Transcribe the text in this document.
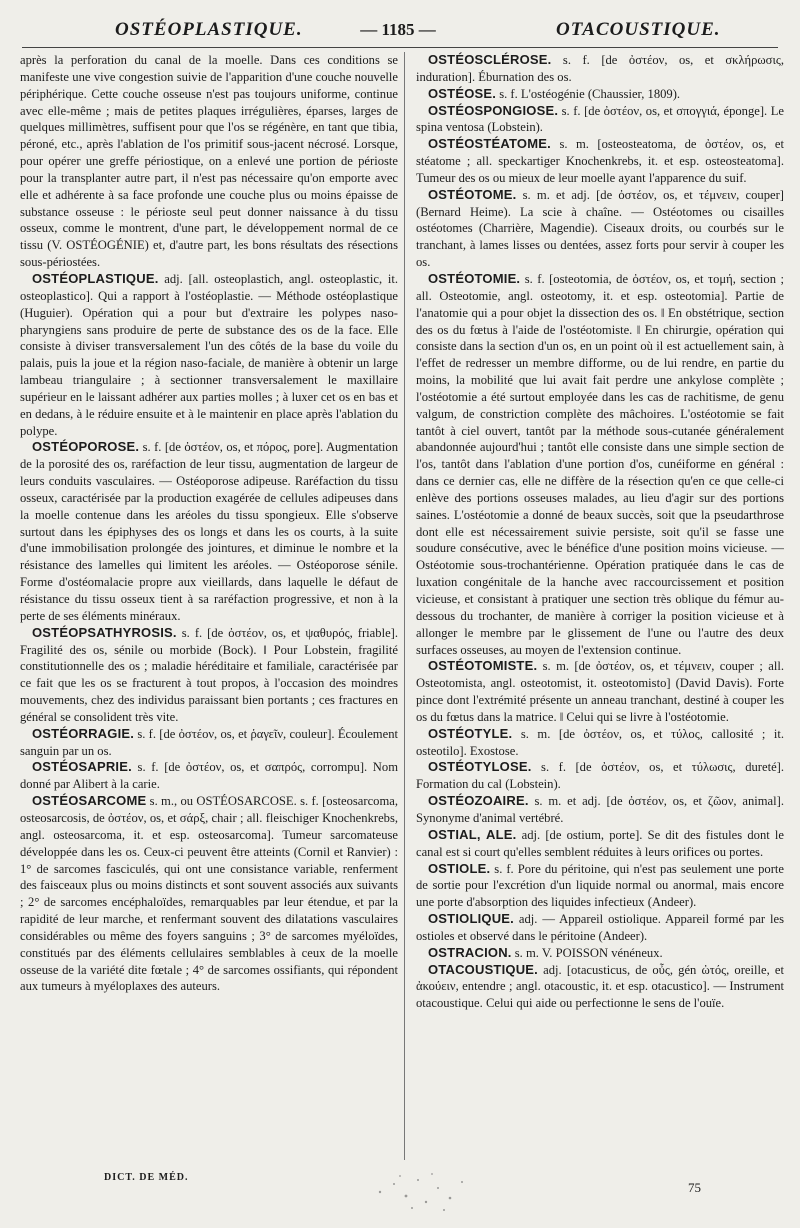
OSTÉOPLASTIQUE.	— 1185 —	OTACOUSTIQUE.

après la perforation du canal de la moelle. Dans ces conditions se manifeste une vive congestion suivie de l'apparition d'une couche nouvelle périphérique. Cette couche osseuse n'est pas toujours uniforme, continue avec elle-même ; mais de petites plaques irrégulières, éparses, larges de quelques millimètres, suffisent pour que l'os se régénère, en tant que tibia, péroné, etc., après l'ablation de l'os primitif sous-jacent nécrosé. Lorsque, pour opérer une greffe périostique, on a enlevé une portion de périoste pour la transplanter autre part, il n'est pas nécessaire qu'on emporte avec elle et adhérente à sa face profonde une couche plus ou moins épaisse de substance osseuse : le périoste seul peut donner naissance à du tissu osseux, comme le montrent, d'une part, le développement normal de ce tissu (V. OSTÉOGÉNIE) et, d'autre part, les bons résultats des résections sous-périostées.

OSTÉOPLASTIQUE. adj. [all. osteoplastich, angl. osteoplastic, it. osteoplastico]. Qui a rapport à l'ostéoplastie. — Méthode ostéoplastique (Huguier). Opération qui a pour but d'extraire les polypes naso-pharyngiens sans produire de perte de substance des os de la face. Elle consiste à diviser transversalement l'un des côtés de la base du voile du palais, puis la joue et la région naso-faciale, de manière à obtenir un large lambeau triangulaire ; à sectionner transversalement le maxillaire supérieur en le laissant adhérer aux parties molles ; à luxer cet os en bas et en dedans, à le réduire ensuite et à le maintenir en place après l'ablation du polype.

OSTÉOPOROSE. s. f. [de ὀστέον, os, et πόρος, pore]. Augmentation de la porosité des os, raréfaction de leur tissu, augmentation de largeur de leurs conduits vasculaires. — Ostéoporose adipeuse. Raréfaction du tissu osseux, caractérisée par la production exagérée de cellules adipeuses dans la moelle contenue dans les aréoles du tissu spongieux. Elle s'observe surtout dans les épiphyses des os longs et dans les os courts, à la suite d'une immobilisation prolongée des jointures, et diminue le nombre et la résistance des lamelles qui limitent les aréoles. — Ostéoporose sénile. Forme d'ostéomalacie propre aux vieillards, dans laquelle le défaut de résistance du tissu osseux tient à sa raréfaction progressive, et non à la perte de ses éléments minéraux.

OSTÉOPSATHYROSIS. s. f. [de ὀστέον, os, et ψαθυρός, friable]. Fragilité des os, sénile ou morbide (Bock). ‖ Pour Lobstein, fragilité constitutionnelle des os ; maladie héréditaire et familiale, caractérisée par ce fait que les os se fracturent à tout propos, à l'occasion des moindres mouvements, chez des individus paraissant bien portants ; ces fractures en général se consolident très vite.

OSTÉORRAGIE. s. f. [de ὀστέον, os, et ῥαγεῖν, couleur]. Écoulement sanguin par un os.

OSTÉOSAPRIE. s. f. [de ὀστέον, os, et σαπρός, corrompu]. Nom donné par Alibert à la carie.

OSTÉOSARCOME s. m., ou OSTÉOSARCOSE. s. f. [osteosarcoma, osteosarcosis, de ὀστέον, os, et σάρξ, chair ; all. fleischiger Knochenkrebs, angl. osteosarcoma, it. et esp. osteosarcoma]. Tumeur sarcomateuse développée dans les os. Ceux-ci peuvent être atteints (Cornil et Ranvier) : 1° de sarcomes fasciculés, qui ont une consistance variable, renferment des faisceaux plus ou moins distincts et sont souvent associés aux suivants ; 2° de sarcomes encéphaloïdes, remarquables par leur étendue, et par la rapidité de leur marche, et renfermant souvent des dilatations vasculaires considérables ou même des foyers sanguins ; 3° de sarcomes myéloïdes, constitués par des éléments cellulaires semblables à ceux de la moelle osseuse de la variété dite fœtale ; 4° de sarcomes ossifiants, qui répondent aux tumeurs à myéloplaxes des auteurs.

OSTÉOSCLÉROSE. s. f. [de ὀστέον, os, et σκλήρωσις, induration]. Éburnation des os.

OSTÉOSE. s. f. L'ostéogénie (Chaussier, 1809).

OSTÉOSPONGIOSE. s. f. [de ὀστέον, os, et σπογγιά, éponge]. Le spina ventosa (Lobstein).

OSTÉOSTÉATOME. s. m. [osteosteatoma, de ὀστέον, os, et stéatome ; all. speckartiger Knochenkrebs, it. et esp. osteosteatoma]. Tumeur des os ou mieux de leur moelle ayant l'apparence du suif.

OSTÉOTOME. s. m. et adj. [de ὀστέον, os, et τέμνειν, couper] (Bernard Heime). La scie à chaîne. — Ostéotomes ou cisailles ostéotomes (Charrière, Magendie). Ciseaux droits, ou courbés sur le tranchant, à lames lisses ou dentées, assez forts pour servir à couper les os.

OSTÉOTOMIE. s. f. [osteotomia, de ὀστέον, os, et τομή, section ; all. Osteotomie, angl. osteotomy, it. et esp. osteotomia]. Partie de l'anatomie qui a pour objet la dissection des os. ‖ En obstétrique, section des os du fœtus à l'aide de l'ostéotomiste. ‖ En chirurgie, opération qui consiste dans la section d'un os, en un point où il est actuellement sain, à l'effet de redresser un membre difforme, ou de lui rendre, en partie du moins, la mobilité que lui avait fait perdre une ankylose complète ; l'ostéotomie a été surtout employée dans les cas de rachitisme, de genu valgum, de constriction complète des mâchoires. L'ostéotomie se fait tantôt à ciel ouvert, tantôt par la méthode sous-cutanée généralement abandonnée aujourd'hui ; tantôt elle consiste dans une simple section de l'os, tantôt dans l'ablation d'une portion d'os, cunéiforme en général : dans ce dernier cas, elle ne diffère de la résection qu'en ce que celle-ci enlève des portions osseuses malades, au lieu d'agir sur des portions saines. L'ostéotomie a donné de beaux succès, soit que la pseudarthrose dont elle est nécessairement suivie persiste, soit qu'il se fasse une soudure consécutive, avec le bénéfice d'une position moins vicieuse. — Ostéotomie sous-trochantérienne. Opération pratiquée dans le cas de luxation congénitale de la hanche avec raccourcissement et position vicieuse, et consistant à pratiquer une section très oblique du fémur au-dessous du trochanter, de manière à corriger la position vicieuse et à allonger le membre par le glissement de l'une ou l'autre des deux surfaces osseuses, au moyen de l'extension continue.

OSTÉOTOMISTE. s. m. [de ὀστέον, os, et τέμνειν, couper ; all. Osteotomista, angl. osteotomist, it. osteotomisto] (David Davis). Forte pince dont l'extrémité présente un anneau tranchant, destiné à couper les os du fœtus dans la matrice. ‖ Celui qui se livre à l'ostéotomie.

OSTÉOTYLE. s. m. [de ὀστέον, os, et τύλος, callosité ; it. osteotilo]. Exostose.

OSTÉOTYLOSE. s. f. [de ὀστέον, os, et τύλωσις, dureté]. Formation du cal (Lobstein).

OSTÉOZOAIRE. s. m. et adj. [de ὀστέον, os, et ζῶον, animal]. Synonyme d'animal vertébré.

OSTIAL, ALE. adj. [de ostium, porte]. Se dit des fistules dont le canal est si court qu'elles semblent réduites à leurs orifices ou portes.

OSTIOLE. s. f. Pore du péritoine, qui n'est pas seulement une porte de sortie pour l'excrétion d'un liquide normal ou anormal, mais encore une porte d'absorption des liquides infectieux (Andeer).

OSTIOLIQUE. adj. — Appareil ostiolique. Appareil formé par les ostioles et observé dans le péritoine (Andeer).

OSTRACION. s. m. V. POISSON vénéneux.

OTACOUSTIQUE. adj. [otacusticus, de οὖς, gén ὠτός, oreille, et ἀκούειν, entendre ; angl. otacoustic, it. et esp. otacustico]. — Instrument otacoustique. Celui qui aide ou perfectionne le sens de l'ouïe.

DICT. DE MÉD.
75
